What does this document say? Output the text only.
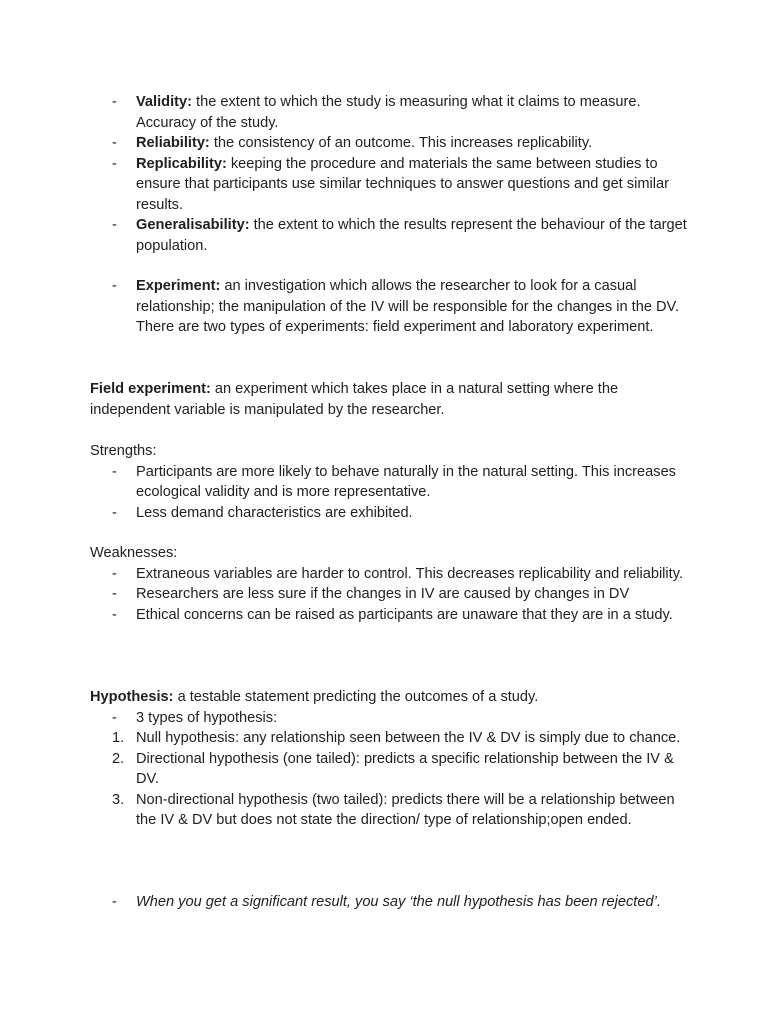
-	Validity: the extent to which the study is measuring what it claims to measure. Accuracy of the study.
-	Reliability: the consistency of an outcome. This increases replicability.
-	Replicability: keeping the procedure and materials the same between studies to ensure that participants use similar techniques to answer questions and get similar results.
-	Generalisability: the extent to which the results represent the behaviour of the target population.
-	Experiment: an investigation which allows the researcher to look for a casual relationship; the manipulation of the IV will be responsible for the changes in the DV. There are two types of experiments: field experiment and laboratory experiment.

Field experiment: an experiment which takes place in a natural setting where the independent variable is manipulated by the researcher.

Strengths:

-	Participants are more likely to behave naturally in the natural setting. This increases ecological validity and is more representative.
-	Less demand characteristics are exhibited.

Weaknesses:

-	Extraneous variables are harder to control. This decreases replicability and reliability.
-	Researchers are less sure if the changes in IV are caused by changes in DV
-	Ethical concerns can be raised as participants are unaware that they are in a study.

Hypothesis: a testable statement predicting the outcomes of a study.

-	3 types of hypothesis:
1. Null hypothesis: any relationship seen between the IV & DV is simply due to chance.
2. Directional hypothesis (one tailed): predicts a specific relationship between the IV & DV.
3. Non-directional hypothesis (two tailed): predicts there will be a relationship between the IV & DV but does not state the direction/ type of relationship;open ended.
-	When you get a significant result, you say ‘the null hypothesis has been rejected’.
